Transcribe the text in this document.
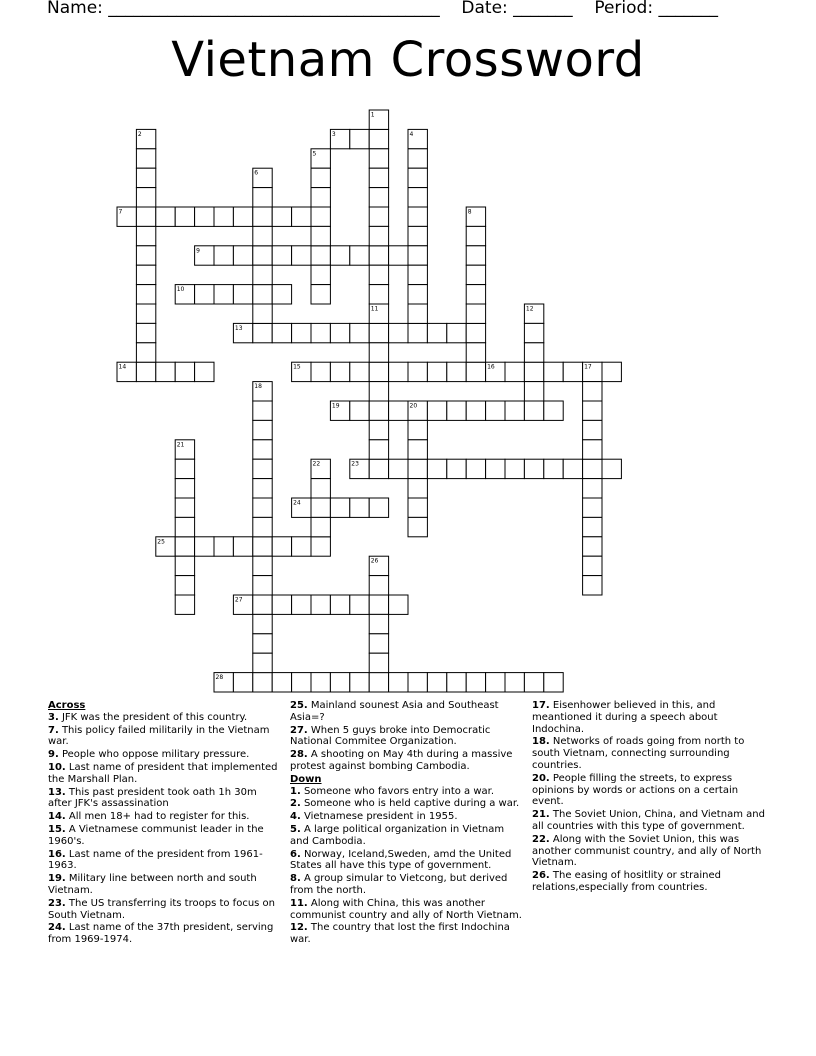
Name: _______________________________________ Date: _______ Period: _______
Vietnam Crossword
3
7
9
10
13
14	15	16
19
23
24
25
27
28
1
2	4
5
6
8
11	12
17
18
20
21
22
26
Across
3. JFK was the president of this country.
7. This policy failed militarily in the Vietnam war.
9. People who oppose military pressure.
10. Last name of president that implemented the Marshall Plan.
13. This past president took oath 1h 30m after JFK's assassination
14. All men 18+ had to register for this.
15. A Vietnamese communist leader in the 1960's.
16. Last name of the president from 1961-1963.
19. Military line between north and south Vietnam.
23. The US transferring its troops to focus on South Vietnam.
24. Last name of the 37th president, serving from 1969-1974.
25. Mainland sounest Asia and Southeast Asia=?
27. When 5 guys broke into Democratic National Commitee Organization.
28. A shooting on May 4th during a massive protest against bombing Cambodia.
Down
1. Someone who favors entry into a war.
2. Someone who is held captive during a war.
4. Vietnamese president in 1955.
5. A large political organization in Vietnam and Cambodia.
6. Norway, Iceland,Sweden, amd the United States all have this type of government.
8. A group simular to Vietcong, but derived from the north.
11. Along with China, this was another communist country and ally of North Vietnam.
12. The country that lost the first Indochina war.
17. Eisenhower believed in this, and meantioned it during a speech about Indochina.
18. Networks of roads going from north to south Vietnam, connecting surrounding countries.
20. People filling the streets, to express opinions by words or actions on a certain event.
21. The Soviet Union, China, and Vietnam and all countries with this type of government.
22. Along with the Soviet Union, this was another communist country, and ally of North Vietnam.
26. The easing of hositlity or strained relations,especially from countries.
